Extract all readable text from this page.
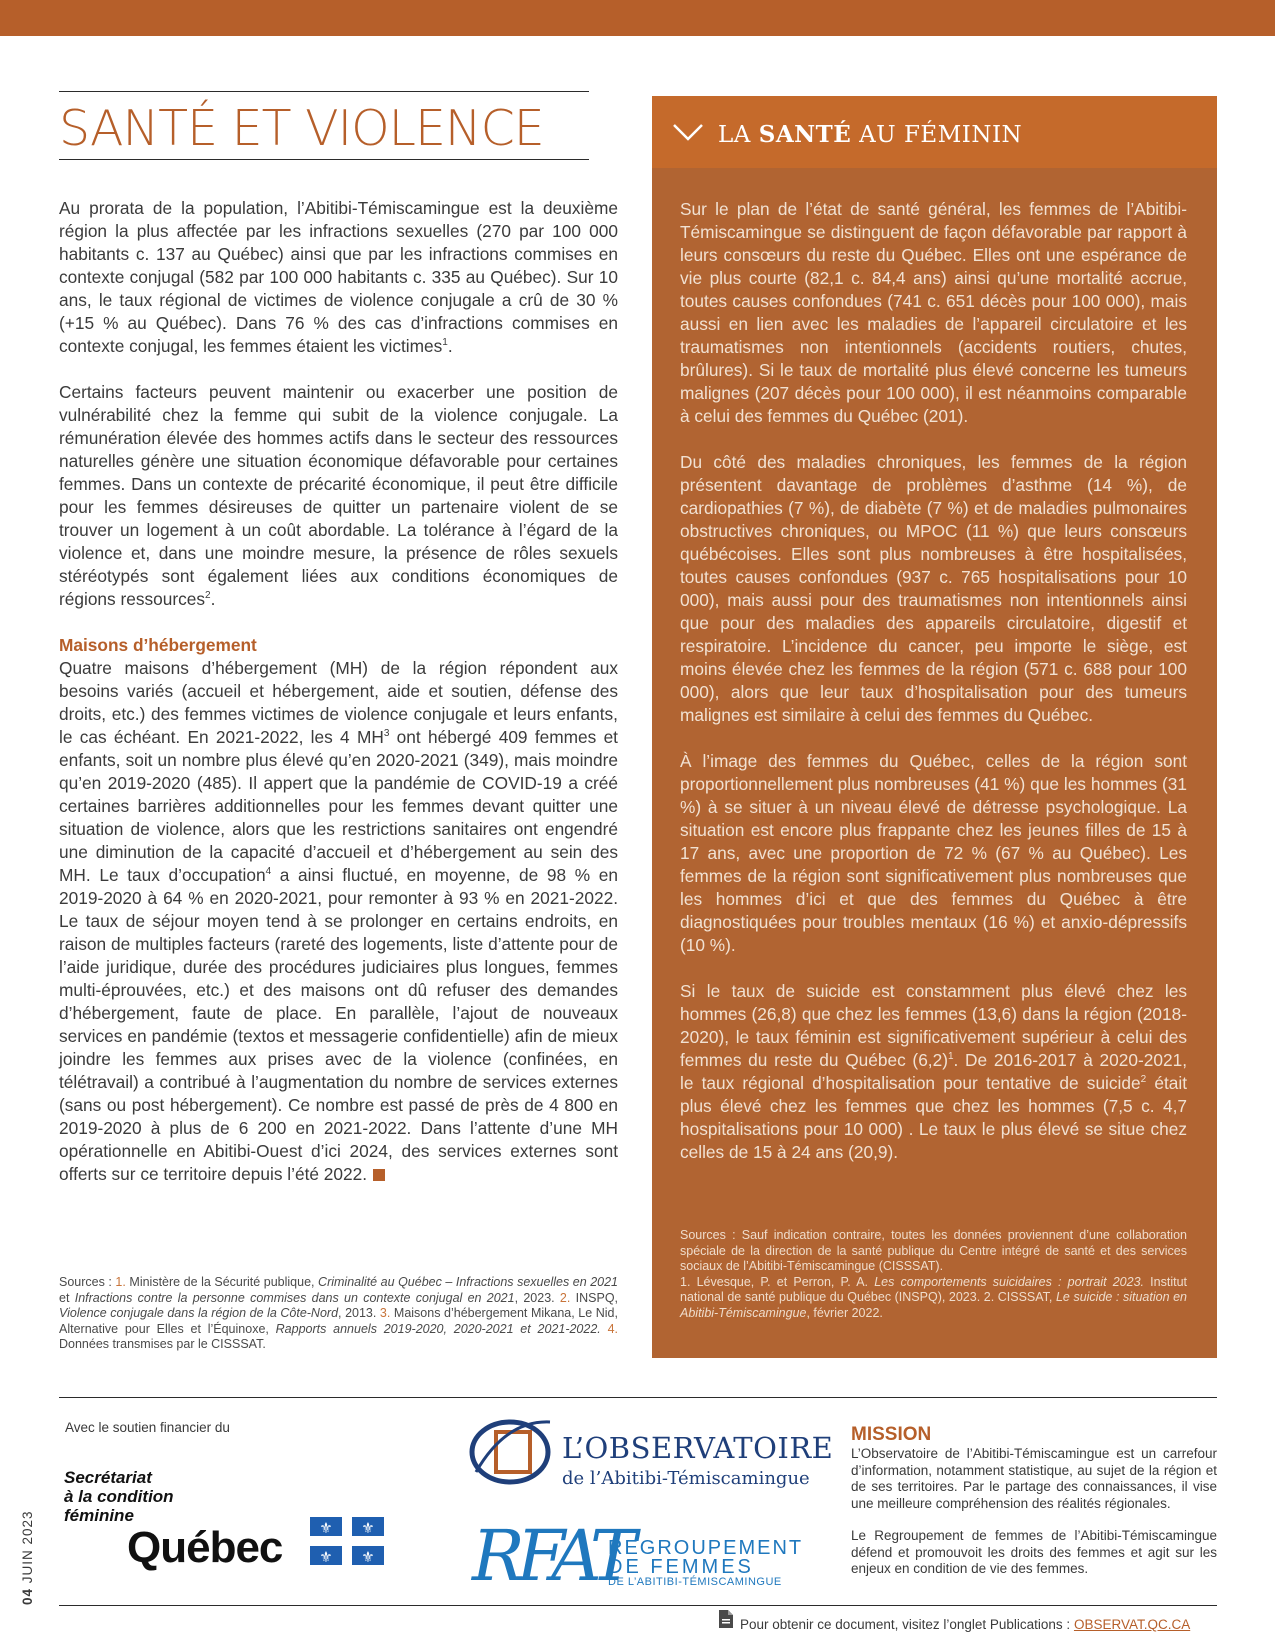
SANTÉ ET VIOLENCE

Au prorata de la population, l’Abitibi-Témiscamingue est la deuxième région la plus affectée par les infractions sexuelles (270 par 100 000 habitants c. 137 au Québec) ainsi que par les infractions commises en contexte conjugal (582 par 100 000 habitants c. 335 au Québec). Sur 10 ans, le taux régional de victimes de violence conjugale a crû de 30 % (+15 % au Québec). Dans 76 % des cas d’infractions commises en contexte conjugal, les femmes étaient les victimes$^1$.

Certains facteurs peuvent maintenir ou exacerber une position de vulnérabilité chez la femme qui subit de la violence conjugale. La rémunération élevée des hommes actifs dans le secteur des ressources naturelles génère une situation économique défavorable pour certaines femmes. Dans un contexte de précarité économique, il peut être difficile pour les femmes désireuses de quitter un partenaire violent de se trouver un logement à un coût abordable. La tolérance à l’égard de la violence et, dans une moindre mesure, la présence de rôles sexuels stéréotypés sont également liées aux conditions économiques de régions ressources$^2$.

Maisons d’hébergement

Quatre maisons d’hébergement (MH) de la région répondent aux besoins variés (accueil et hébergement, aide et soutien, défense des droits, etc.) des femmes victimes de violence conjugale et leurs enfants, le cas échéant. En 2021-2022, les 4 $MH^3$ ont hébergé 409 femmes et enfants, soit un nombre plus élevé qu’en 2020-2021 (349), mais moindre qu’en 2019-2020 (485). Il appert que la pandémie de COVID-19 a créé certaines barrières additionnelles pour les femmes devant quitter une situation de violence, alors que les restrictions sanitaires ont engendré une diminution de la capacité d’accueil et d’hébergement au sein des MH. Le taux d’occupation$^4$ a ainsi fluctué, en moyenne, de 98 % en 2019-2020 à 64 % en 2020-2021, pour remonter à 93 % en 2021-2022. Le taux de séjour moyen tend à se prolonger en certains endroits, en raison de multiples facteurs (rareté des logements, liste d’attente pour de l’aide juridique, durée des procédures judiciaires plus longues, femmes multi-éprouvées, etc.) et des maisons ont dû refuser des demandes d’hébergement, faute de place. En parallèle, l’ajout de nouveaux services en pandémie (textos et messagerie confidentielle) afin de mieux joindre les femmes aux prises avec de la violence (confinées, en télétravail) a contribué à l’augmentation du nombre de services externes (sans ou post hébergement). Ce nombre est passé de près de 4 800 en 2019-2020 à plus de 6 200 en 2021-2022. Dans l’attente d’une MH opérationnelle en Abitibi-Ouest d’ici 2024, des services externes sont offerts sur ce territoire depuis l’été 2022.

Sources : 1. Ministère de la Sécurité publique, Criminalité au Québec – Infractions sexuelles en 2021 et Infractions contre la personne commises dans un contexte conjugal en 2021, 2023. 2. INSPQ, Violence conjugale dans la région de la Côte-Nord, 2013. 3. Maisons d’hébergement Mikana, Le Nid, Alternative pour Elles et l’Équinoxe, Rapports annuels 2019-2020, 2020-2021 et 2021-2022. 4. Données transmises par le CISSSAT.
LA SANTÉ AU FÉMININ

Sur le plan de l’état de santé général, les femmes de l’Abitibi-Témiscamingue se distinguent de façon défavorable par rapport à leurs consœurs du reste du Québec. Elles ont une espérance de vie plus courte (82,1 c. 84,4 ans) ainsi qu’une mortalité accrue, toutes causes confondues (741 c. 651 décès pour 100 000), mais aussi en lien avec les maladies de l’appareil circulatoire et les traumatismes non intentionnels (accidents routiers, chutes, brûlures). Si le taux de mortalité plus élevé concerne les tumeurs malignes (207 décès pour 100 000), il est néanmoins comparable à celui des femmes du Québec (201).

Du côté des maladies chroniques, les femmes de la région présentent davantage de problèmes d’asthme (14 %), de cardiopathies (7 %), de diabète (7 %) et de maladies pulmonaires obstructives chroniques, ou MPOC (11 %) que leurs consœurs québécoises. Elles sont plus nombreuses à être hospitalisées, toutes causes confondues (937 c. 765 hospitalisations pour 10 000), mais aussi pour des traumatismes non intentionnels ainsi que pour des maladies des appareils circulatoire, digestif et respiratoire. L’incidence du cancer, peu importe le siège, est moins élevée chez les femmes de la région (571 c. 688 pour 100 000), alors que leur taux d’hospitalisation pour des tumeurs malignes est similaire à celui des femmes du Québec.

À l’image des femmes du Québec, celles de la région sont proportionnellement plus nombreuses (41 %) que les hommes (31 %) à se situer à un niveau élevé de détresse psychologique. La situation est encore plus frappante chez les jeunes filles de 15 à 17 ans, avec une proportion de 72 % (67 % au Québec). Les femmes de la région sont significativement plus nombreuses que les hommes d’ici et que des femmes du Québec à être diagnostiquées pour troubles mentaux (16 %) et anxio-dépressifs (10 %).

Si le taux de suicide est constamment plus élevé chez les hommes (26,8) que chez les femmes (13,6) dans la région (2018-2020), le taux féminin est significativement supérieur à celui des femmes du reste du Québec $(6,2)^1$. De 2016-2017 à 2020-2021, le taux régional d’hospitalisation pour tentative de suicide$^2$ était plus élevé chez les femmes que chez les hommes (7,5 c. 4,7 hospitalisations pour 10 000) . Le taux le plus élevé se situe chez celles de 15 à 24 ans (20,9).

Sources : Sauf indication contraire, toutes les données proviennent d’une collaboration spéciale de la direction de la santé publique du Centre intégré de santé et des services sociaux de l’Abitibi-Témiscamingue (CISSSAT).
1. Lévesque, P. et Perron, P. A. Les comportements suicidaires : portrait 2023. Institut national de santé publique du Québec (INSPQ), 2023. 2. CISSSAT, Le suicide : situation en Abitibi-Témiscamingue, février 2022.
Avec le soutien financier du
Secrétariat
à la condition
féminine
Québec ⚜ ⚜
⚜ ⚜
L’OBSERVATOIRE
de l’Abitibi-Témiscamingue
RFAT
REGROUPEMENT
DE FEMMES
DE L’ABITIBI-TÉMISCAMINGUE
MISSION

L’Observatoire de l’Abitibi-Témiscamingue est un carrefour d’information, notamment statistique, au sujet de la région et de ses territoires. Par le partage des connaissances, il vise une meilleure compréhension des réalités régionales.

Le Regroupement de femmes de l’Abitibi-Témiscamingue défend et promouvoit les droits des femmes et agit sur les enjeux en condition de vie des femmes.

04 JUIN 2023
Pour obtenir ce document, visitez l’onglet Publications : OBSERVAT.QC.CA
